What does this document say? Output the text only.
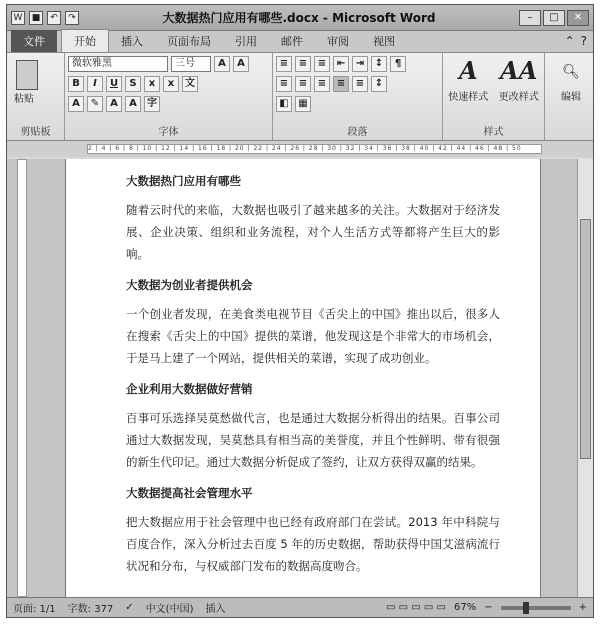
W	■	↶	↷	大数据热门应用有哪些.docx - Microsoft Word	–	□	✕
文件	开始	插入	页面布局	引用	邮件	审阅	视图	⌃ ?
粘贴
剪贴板
微软雅黑	三号	A	A
B	I	U	S	x	x	文
A	✎	A	A	字
字体
≡	≡	≡	⇤	⇥	↕	¶
≡	≡	≡	≡	≡	↕
◧ ▦
段落
A
快速样式
AA
更改样式
样式
🔍︎
编辑
2 | 4 | 6 | 8 | 10 | 12 | 14 | 16 | 18 | 20 | 22 | 24 | 26 | 28 | 30 | 32 | 34 | 36 | 38 | 40 | 42 | 44 | 46 | 48 | 50
大数据热门应用有哪些

随着云时代的来临，大数据也吸引了越来越多的关注。大数据对于经济发展、企业决策、组织和业务流程，对个人生活方式等都将产生巨大的影响。

大数据为创业者提供机会

一个创业者发现，在美食类电视节目《舌尖上的中国》推出以后，很多人在搜索《舌尖上的中国》提供的菜谱，他发现这是个非常大的市场机会，于是马上建了一个网站，提供相关的菜谱，实现了成功创业。

企业利用大数据做好营销

百事可乐选择吴莫愁做代言，也是通过大数据分析得出的结果。百事公司通过大数据发现，吴莫愁具有相当高的美誉度，并且个性鲜明、带有很强的新生代印记。通过大数据分析促成了签约，让双方获得双赢的结果。

大数据提高社会管理水平

把大数据应用于社会管理中也已经有政府部门在尝试。2013 年中科院与百度合作，深入分析过去百度 5 年的历史数据，帮助获得中国艾滋病流行状况和分布，与权威部门发布的数据高度吻合。

页面: 1/1 字数: 377 ✓ 中文(中国) 插入	▭ ▭ ▭ ▭ ▭ 67% −	+
